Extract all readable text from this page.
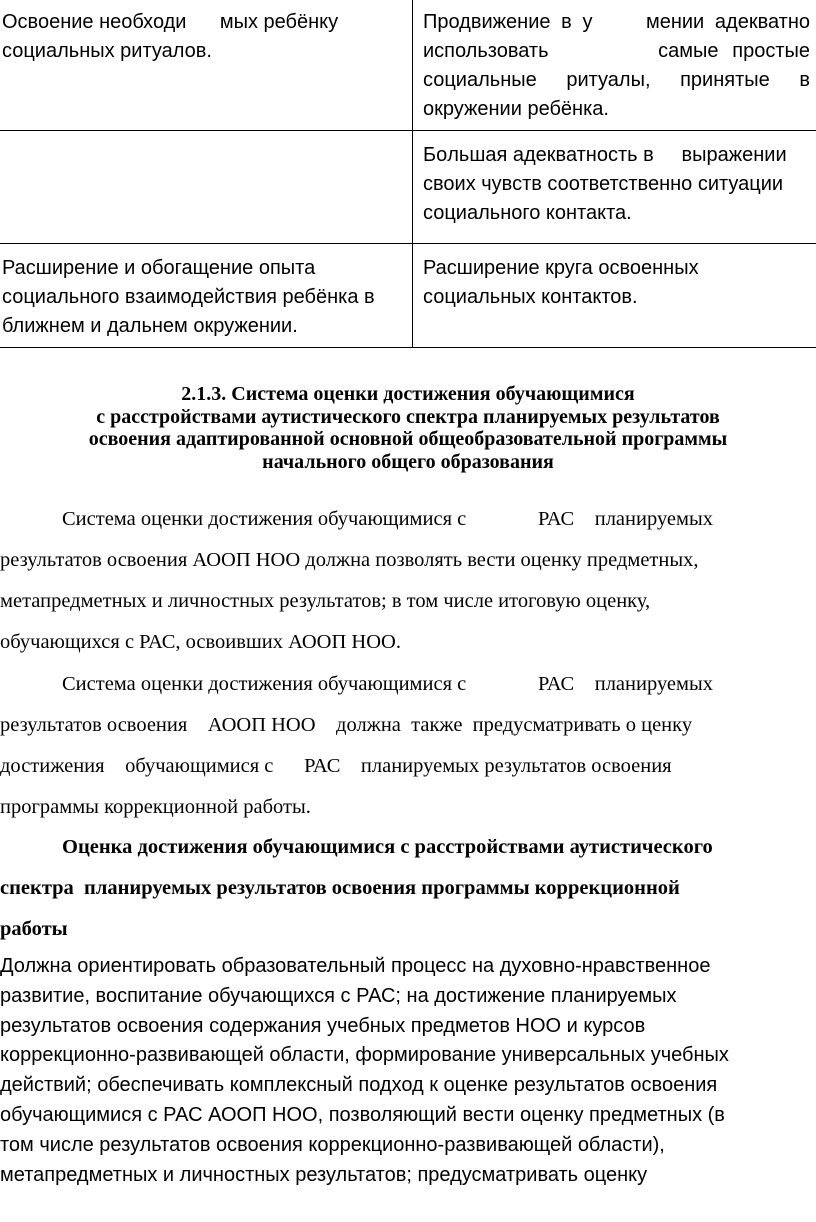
Освоение необходи      мых ребёнку социальных ритуалов.	Продвижение в у     мении адекватно использовать        самые простые социальные ритуалы, принятые в окружении ребёнка.
	Бoльшая адекватность в     выражении своих чувств соответственно ситуации социального контакта.
Расширение и обогащение опыта социального взаимодействия ребёнка в ближнем и дальнем окружении.	Расширение круга освоенных социальных контактов.
2.1.3. Система оценки достижения обучающимися
с расстройствами аутистического спектра планируемых результатов
освоения адаптированной основной общеобразовательной программы
начального общего образования

Система оценки достижения обучающимися с              РАС    планируемых
результатов освоения АООП НОО должна позволять вести оценку предметных,
метапредметных и личностных результатов; в том числе итоговую оценку,
обучающихся с РАС, освоивших АООП НОО.

Система оценки достижения обучающимися с              РАС    планируемых
результатов освоения    АООП НОО    должна  также  предусматривать о ценку
достижения    обучающимися с      РАС    планируемых результатов освоения
программы коррекционной работы.

Оценка достижения обучающимися с расстройствами аутистического
спектра  планируемых результатов освоения программы коррекционной
работы

Должна ориентировать образовательный процесс на духовно-нравственное
развитие, воспитание обучающихся с РАС; на достижение планируемых
результатов освоения содержания учебных предметов НОО и курсов
коррекционно-развивающей области, формирование универсальных учебных
действий; обеспечивать комплексный подход к оценке результатов освоения
обучающимися с РАС АООП НОО, позволяющий вести оценку предметных (в
том числе результатов освоения коррекционно-развивающей области),
метапредметных и личностных результатов; предусматривать оценку
